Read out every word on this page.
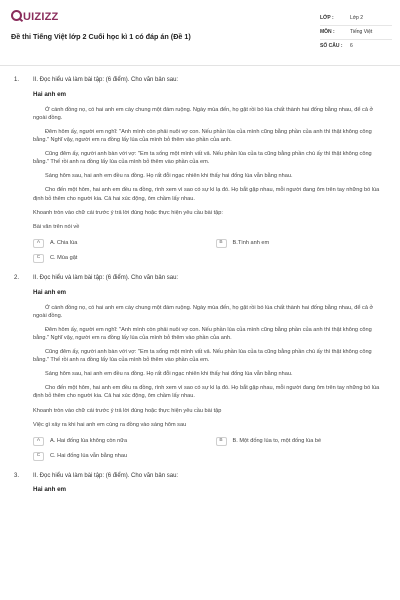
UIZIZZ
Đề thi Tiếng Việt lớp 2 Cuối học kì 1 có đáp án (Đề 1)
LỚP :	Lớp 2
MÔN :	Tiếng Việt
SỐ CÂU :	6
1. II. Đọc hiểu và làm bài tập: (6 điểm). Cho văn bản sau:
Hai anh em

Ở cánh đồng nọ, có hai anh em cày chung một đám ruộng. Ngày mùa đến, họ gặt rồi bó lúa chất thành hai đống bằng nhau, để cả ở ngoài đồng.

Đêm hôm ấy, người em nghĩ: "Anh mình còn phải nuôi vợ con. Nếu phần lúa của mình cũng bằng phần của anh thì thật không công bằng." Nghĩ vậy, người em ra đồng lấy lúa của mình bỏ thêm vào phần của anh.

Cũng đêm ấy, người anh bàn với vợ: "Em ta sống một mình vất vả. Nếu phần lúa của ta cũng bằng phần chú ấy thì thật không công bằng." Thế rồi anh ra đồng lấy lúa của mình bỏ thêm vào phần của em.

Sáng hôm sau, hai anh em đều ra đồng. Họ rất đỗi ngạc nhiên khi thấy hai đống lúa vẫn bằng nhau.

Cho đến một hôm, hai anh em đều ra đồng, rình xem vì sao có sự kì lạ đó. Họ bắt gặp nhau, mỗi người đang ôm trên tay những bó lúa định bỏ thêm cho người kia. Cả hai xúc động, ôm chầm lấy nhau.

Khoanh tròn vào chữ cái trước ý trả lời đúng hoặc thực hiện yêu cầu bài tập:
Bài văn trên nói về
A	A. Chia lúa	B	B.Tình anh em
C	C. Mùa gặt
2. II. Đọc hiểu và làm bài tập: (6 điểm). Cho văn bản sau:
Hai anh em

Ở cánh đồng nọ, có hai anh em cày chung một đám ruộng. Ngày mùa đến, họ gặt rồi bó lúa chất thành hai đống bằng nhau, để cả ở ngoài đồng.

Đêm hôm ấy, người em nghĩ: "Anh mình còn phải nuôi vợ con. Nếu phần lúa của mình cũng bằng phần của anh thì thật không công bằng." Nghĩ vậy, người em ra đồng lấy lúa của mình bỏ thêm vào phần của anh.

Cũng đêm ấy, người anh bàn với vợ: "Em ta sống một mình vất vả. Nếu phần lúa của ta cũng bằng phần chú ấy thì thật không công bằng." Thế rồi anh ra đồng lấy lúa của mình bỏ thêm vào phần của em.

Sáng hôm sau, hai anh em đều ra đồng. Họ rất đỗi ngạc nhiên khi thấy hai đống lúa vẫn bằng nhau.

Cho đến một hôm, hai anh em đều ra đồng, rình xem vì sao có sự kì lạ đó. Họ bắt gặp nhau, mỗi người đang ôm trên tay những bó lúa định bỏ thêm cho người kia. Cả hai xúc động, ôm chầm lấy nhau.

Khoanh tròn vào chữ cái trước ý trả lời đúng hoặc thực hiện yêu cầu bài tập
Việc gì xảy ra khi hai anh em cùng ra đồng vào sáng hôm sau
A	A. Hai đống lúa không còn nữa	B	B. Một đống lúa to, một đống lúa bé
C	C. Hai đống lúa vẫn bằng nhau
3. II. Đọc hiểu và làm bài tập: (6 điểm). Cho văn bản sau:
Hai anh em
